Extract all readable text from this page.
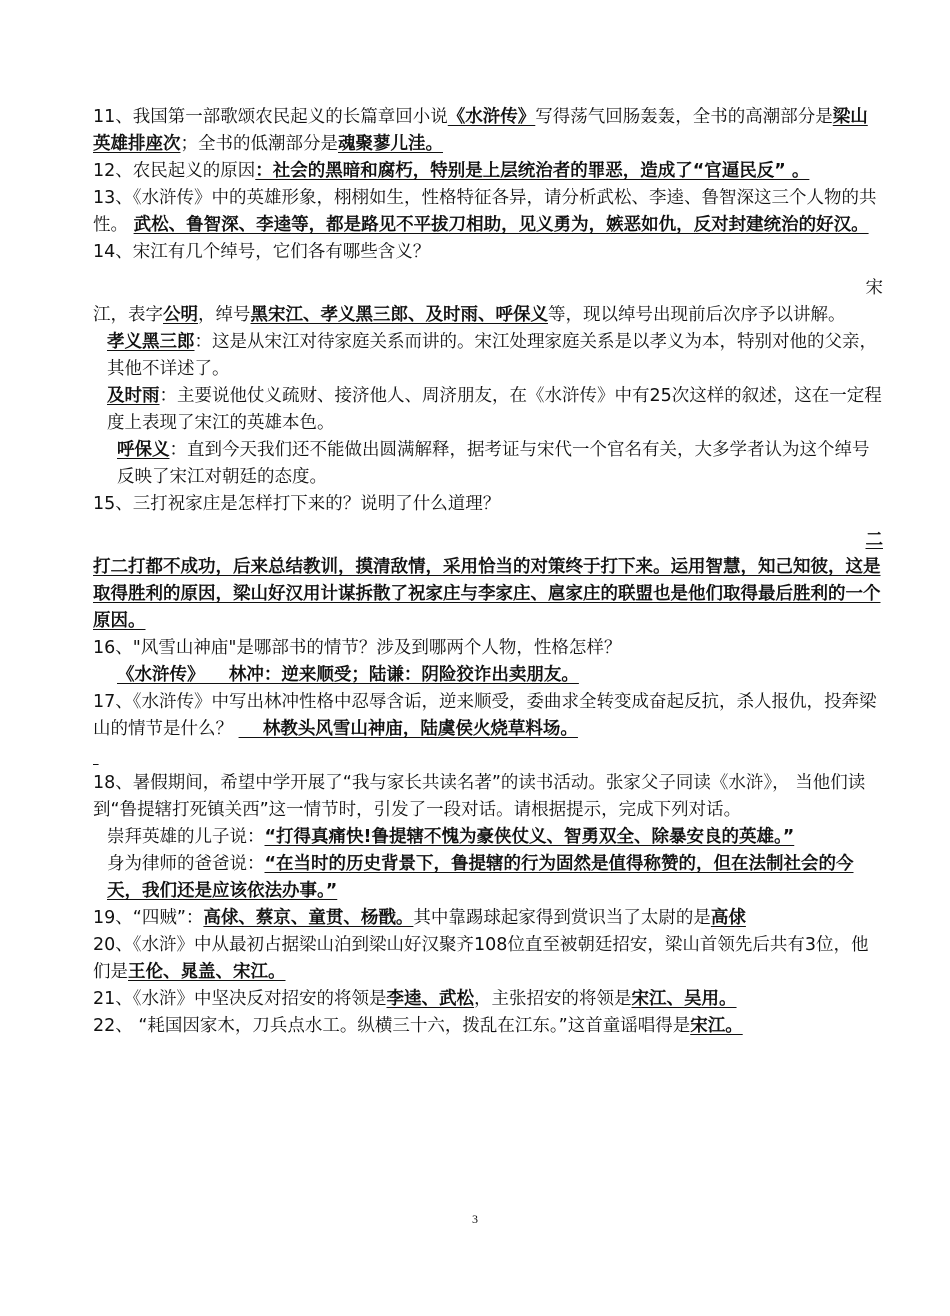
11、我国第一部歌颂农民起义的长篇章回小说《水浒传》写得荡气回肠轰轰，全书的高潮部分是梁山英雄排座次；全书的低潮部分是魂聚蓼儿洼。

12、农民起义的原因：社会的黑暗和腐朽，特别是上层统治者的罪恶，造成了“官逼民反” 。

13、《水浒传》中的英雄形象，栩栩如生，性格特征各异，请分析武松、李逵、鲁智深这三个人物的共性。 武松、鲁智深、李逵等，都是路见不平拔刀相助，见义勇为，嫉恶如仇，反对封建统治的好汉。

14、宋江有几个绰号，它们各有哪些含义？

宋

江，表字公明，绰号黑宋江、孝义黑三郎、及时雨、呼保义等，现以绰号出现前后次序予以讲解。

孝义黑三郎：这是从宋江对待家庭关系而讲的。宋江处理家庭关系是以孝义为本，特别对他的父亲，其他不详述了。

及时雨：主要说他仗义疏财、接济他人、周济朋友，在《水浒传》中有25次这样的叙述，这在一定程度上表现了宋江的英雄本色。

呼保义：直到今天我们还不能做出圆满解释，据考证与宋代一个官名有关，大多学者认为这个绰号反映了宋江对朝廷的态度。

15、三打祝家庄是怎样打下来的？说明了什么道理？

二

打二打都不成功，后来总结教训，摸清敌情，采用恰当的对策终于打下来。运用智慧，知己知彼，这是取得胜利的原因，梁山好汉用计谋拆散了祝家庄与李家庄、扈家庄的联盟也是他们取得最后胜利的一个原因。

16、"风雪山神庙"是哪部书的情节？涉及到哪两个人物，性格怎样？

《水浒传》    林冲：逆来顺受；陆谦：阴险狡诈出卖朋友。

17、《水浒传》中写出林冲性格中忍辱含诟，逆来顺受，委曲求全转变成奋起反抗，杀人报仇，投奔梁山的情节是什么？     林教头风雪山神庙，陆虞侯火烧草料场。

18、暑假期间，希望中学开展了“我与家长共读名著”的读书活动。张家父子同读《水浒》， 当他们读到“鲁提辖打死镇关西”这一情节时，引发了一段对话。请根据提示，完成下列对话。

崇拜英雄的儿子说：“打得真痛快!鲁提辖不愧为豪侠仗义、智勇双全、除暴安良的英雄。”

身为律师的爸爸说：“在当时的历史背景下，鲁提辖的行为固然是值得称赞的，但在法制社会的今天，我们还是应该依法办事。”

19、“四贼”：高俅、蔡京、童贯、杨戬。其中靠踢球起家得到赏识当了太尉的是高俅

20、《水浒》中从最初占据梁山泊到梁山好汉聚齐108位直至被朝廷招安，梁山首领先后共有3位，他们是王伦、晁盖、宋江。

21、《水浒》中坚决反对招安的将领是李逵、武松，主张招安的将领是宋江、吴用。

22、 “耗国因家木，刀兵点水工。纵横三十六，拨乱在江东。”这首童谣唱得是宋江。

3
